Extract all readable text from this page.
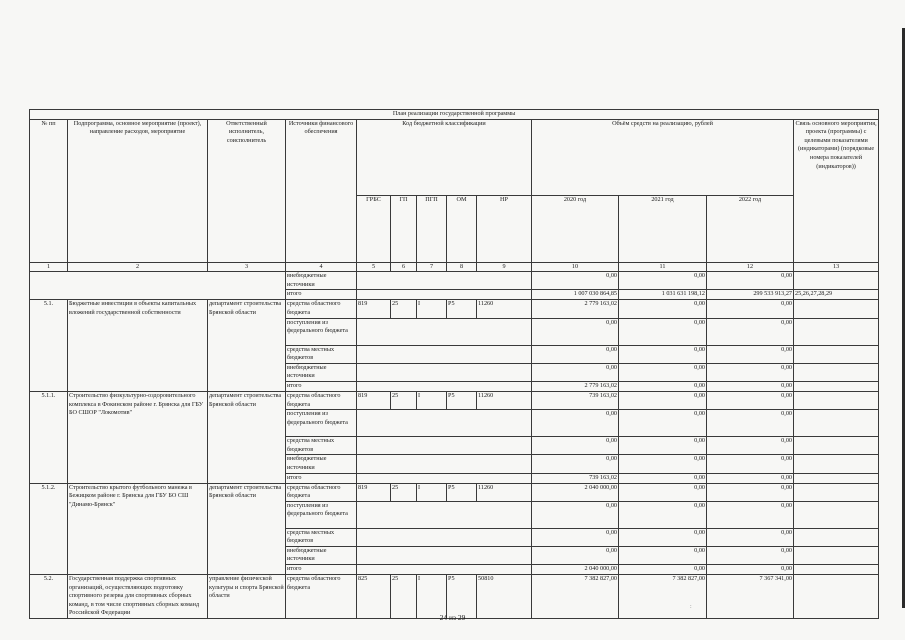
План реализации государственной программы												
№ пп	Подпрограмма, основное мероприятие (проект), направление расходов, мероприятие	Ответственный исполнитель, соисполнитель	Источники финансового обеспечения	Код бюджетной классификации					Объём средств на реализацию, рублей			Связь основного мероприятия, проекта (программы) с целевыми показателями (индикаторами) (порядковые номера показателей (индикаторов))
				ГРБС	ГП	ПГП	ОМ	НР	2020 год	2021 год	2022 год	
1	2	3	4	5	6	7	8	9	10	11	12	13
			внебюджетные источники						0,00	0,00	0,00	
			итого						1 007 030 864,85	1 031 631 198,12	299 533 913,27	25,26,27,28,29
5.1.	Бюджетные инвестиции в объекты капитальных вложений государственной собственности	департамент строительства Брянской области	средства областного бюджета	819	25	I	P5	11260	2 779 163,02	0,00	0,00	
			поступления из федерального бюджета						0,00	0,00	0,00	
			средства местных бюджетов						0,00	0,00	0,00	
			внебюджетные источники						0,00	0,00	0,00	
			итого						2 779 163,02	0,00	0,00	
5.1.1.	Строительство физкультурно-оздоровительного комплекса в Фокинском районе г. Брянска для ГБУ БО СШОР "Локомотив"	департамент строительства Брянской области	средства областного бюджета	819	25	I	P5	11260	739 163,02	0,00	0,00	
			поступления из федерального бюджета						0,00	0,00	0,00	
			средства местных бюджетов						0,00	0,00	0,00	
			внебюджетные источники						0,00	0,00	0,00	
			итого						739 163,02	0,00	0,00	
5.1.2.	Строительство крытого футбольного манежа в Бежицком районе г. Брянска для ГБУ БО СШ "Динамо-Брянск"	департамент строительства Брянской области	средства областного бюджета	819	25	I	P5	11260	2 040 000,00	0,00	0,00	
			поступления из федерального бюджета						0,00	0,00	0,00	
			средства местных бюджетов						0,00	0,00	0,00	
			внебюджетные источники						0,00	0,00	0,00	
			итого						2 040 000,00	0,00	0,00	
5.2.	Государственная поддержка спортивных организаций, осуществляющих подготовку спортивного резерва для спортивных сборных команд, в том числе спортивных сборных команд Российской Федерации	управление физической культуры и спорта Брянской области	средства областного бюджета	825	25	I	P5	50810	7 382 827,00	7 382 827,00	7 367 341,00	
:
24 из 29
